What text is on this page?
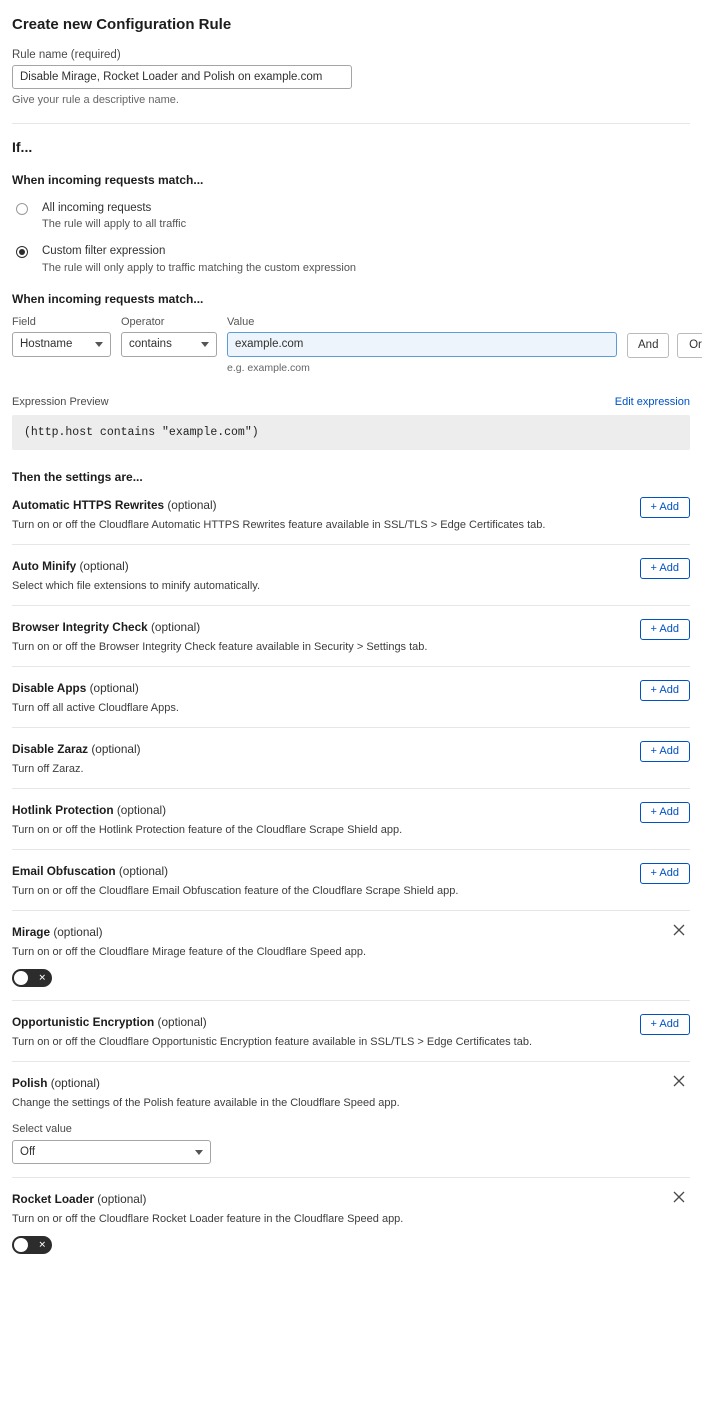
Create new Configuration Rule
Rule name (required)
Disable Mirage, Rocket Loader and Polish on example.com
Give your rule a descriptive name.
If...
When incoming requests match...
All incoming requests
The rule will apply to all traffic
Custom filter expression
The rule will only apply to traffic matching the custom expression
When incoming requests match...
Field
Hostname
Operator
contains
Value
example.com
e.g. example.com
And	Or
Expression Preview	Edit expression
(http.host contains "example.com")
Then the settings are...
Automatic HTTPS Rewrites (optional)
Turn on or off the Cloudflare Automatic HTTPS Rewrites feature available in SSL/TLS > Edge Certificates tab.
+ Add
Auto Minify (optional)
Select which file extensions to minify automatically.
+ Add
Browser Integrity Check (optional)
Turn on or off the Browser Integrity Check feature available in Security > Settings tab.
+ Add
Disable Apps (optional)
Turn off all active Cloudflare Apps.
+ Add
Disable Zaraz (optional)
Turn off Zaraz.
+ Add
Hotlink Protection (optional)
Turn on or off the Hotlink Protection feature of the Cloudflare Scrape Shield app.
+ Add
Email Obfuscation (optional)
Turn on or off the Cloudflare Email Obfuscation feature of the Cloudflare Scrape Shield app.
+ Add
Mirage (optional)
Turn on or off the Cloudflare Mirage feature of the Cloudflare Speed app.
✕
Opportunistic Encryption (optional)
Turn on or off the Cloudflare Opportunistic Encryption feature available in SSL/TLS > Edge Certificates tab.
+ Add
Polish (optional)
Change the settings of the Polish feature available in the Cloudflare Speed app.
Select value
Off
Rocket Loader (optional)
Turn on or off the Cloudflare Rocket Loader feature in the Cloudflare Speed app.
✕
